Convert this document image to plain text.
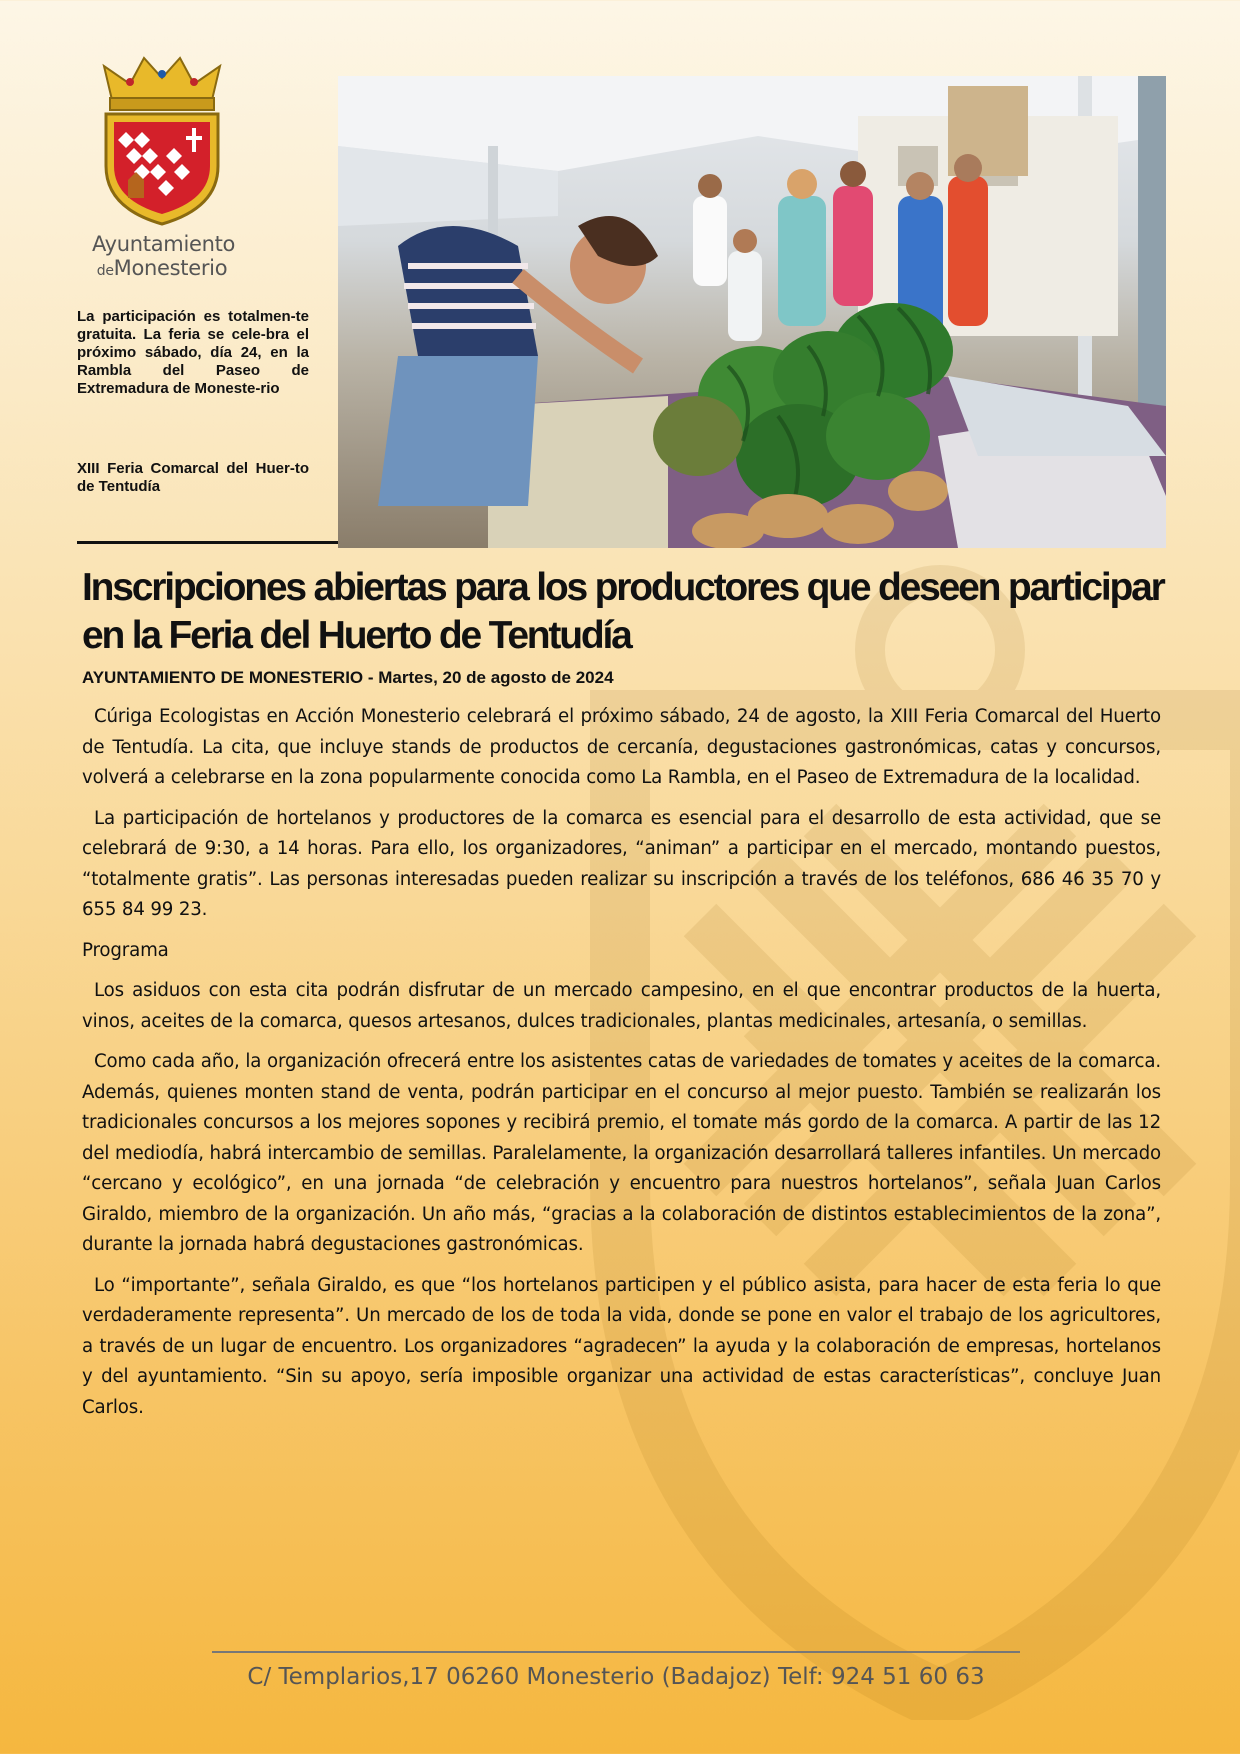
Ayuntamiento
deMonesterio
La participación es totalmen-te gratuita. La feria se cele-bra el próximo sábado, día 24, en la Rambla del Paseo de Extremadura de Moneste-rio
XIII Feria Comarcal del Huer-to de Tentudía
Inscripciones abiertas para los productores que deseen participar en la Feria del Huerto de Tentudía

AYUNTAMIENTO DE MONESTERIO - Martes, 20 de agosto de 2024

Cúriga Ecologistas en Acción Monesterio celebrará el próximo sábado, 24 de agosto, la XIII Feria Comarcal del Huerto de Tentudía. La cita, que incluye stands de productos de cercanía, degustaciones gastronómicas, catas y concursos, volverá a celebrarse en la zona popularmente conocida como La Rambla, en el Paseo de Extremadura de la localidad.

La participación de hortelanos y productores de la comarca es esencial para el desarrollo de esta actividad, que se celebrará de 9:30, a 14 horas. Para ello, los organizadores, “animan” a participar en el mercado, montando puestos, “totalmente gratis”. Las personas interesadas pueden realizar su inscripción a través de los teléfonos, 686 46 35 70 y 655 84 99 23.

Programa

Los asiduos con esta cita podrán disfrutar de un mercado campesino, en el que encontrar productos de la huerta, vinos, aceites de la comarca, quesos artesanos, dulces tradicionales, plantas medicinales, artesanía, o semillas.

Como cada año, la organización ofrecerá entre los asistentes catas de variedades de tomates y aceites de la comarca. Además, quienes monten stand de venta, podrán participar en el concurso al mejor puesto. También se realizarán los tradicionales concursos a los mejores sopones y recibirá premio, el tomate más gordo de la comarca. A partir de las 12 del mediodía, habrá intercambio de semillas. Paralelamente, la organización desarrollará talleres infantiles. Un mercado “cercano y ecológico”, en una jornada “de celebración y encuentro para nuestros hortelanos”, señala Juan Carlos Giraldo, miembro de la organización. Un año más, “gracias a la colaboración de distintos establecimientos de la zona”, durante la jornada habrá degustaciones gastronómicas.

Lo “importante”, señala Giraldo, es que “los hortelanos participen y el público asista, para hacer de esta feria lo que verdaderamente representa”. Un mercado de los de toda la vida, donde se pone en valor el trabajo de los agricultores, a través de un lugar de encuentro. Los organizadores “agradecen” la ayuda y la colaboración de empresas, hortelanos y del ayuntamiento. “Sin su apoyo, sería imposible organizar una actividad de estas características”, concluye Juan Carlos.

C/ Templarios,17 06260 Monesterio (Badajoz) Telf: 924 51 60 63
